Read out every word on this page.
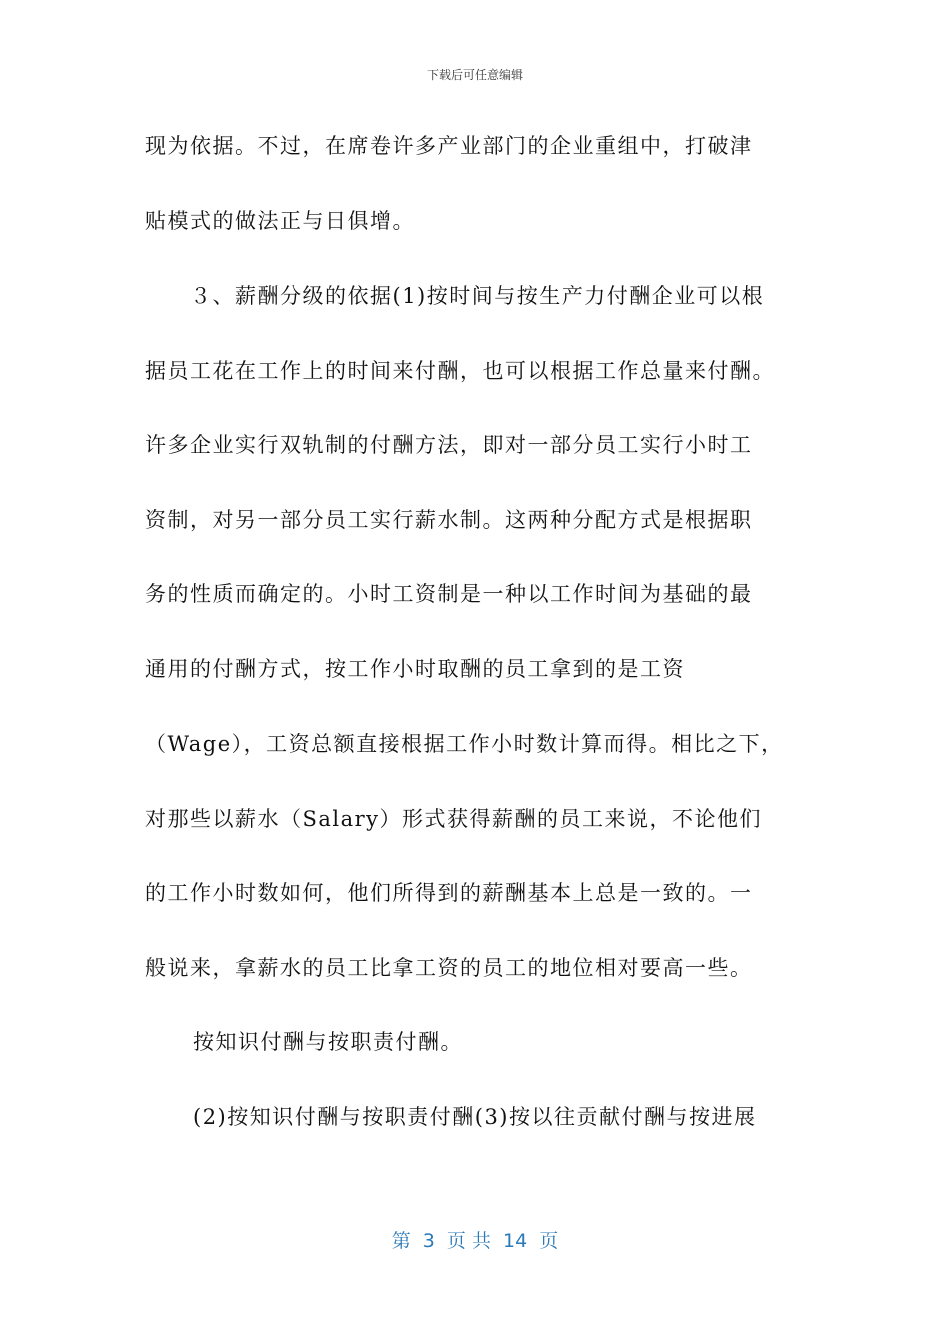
下载后可任意编辑
现为依据。不过，在席卷许多产业部门的企业重组中，打破津
贴模式的做法正与日俱增。
３、薪酬分级的依据(1)按时间与按生产力付酬企业可以根
据员工花在工作上的时间来付酬，也可以根据工作总量来付酬。
许多企业实行双轨制的付酬方法，即对一部分员工实行小时工
资制，对另一部分员工实行薪水制。这两种分配方式是根据职
务的性质而确定的。小时工资制是一种以工作时间为基础的最
通用的付酬方式，按工作小时取酬的员工拿到的是工资
（Wage），工资总额直接根据工作小时数计算而得。相比之下，
对那些以薪水（Salary）形式获得薪酬的员工来说，不论他们
的工作小时数如何，他们所得到的薪酬基本上总是一致的。一
般说来，拿薪水的员工比拿工资的员工的地位相对要高一些。
按知识付酬与按职责付酬。
(2)按知识付酬与按职责付酬(3)按以往贡献付酬与按进展
第  3  页 共  14  页
